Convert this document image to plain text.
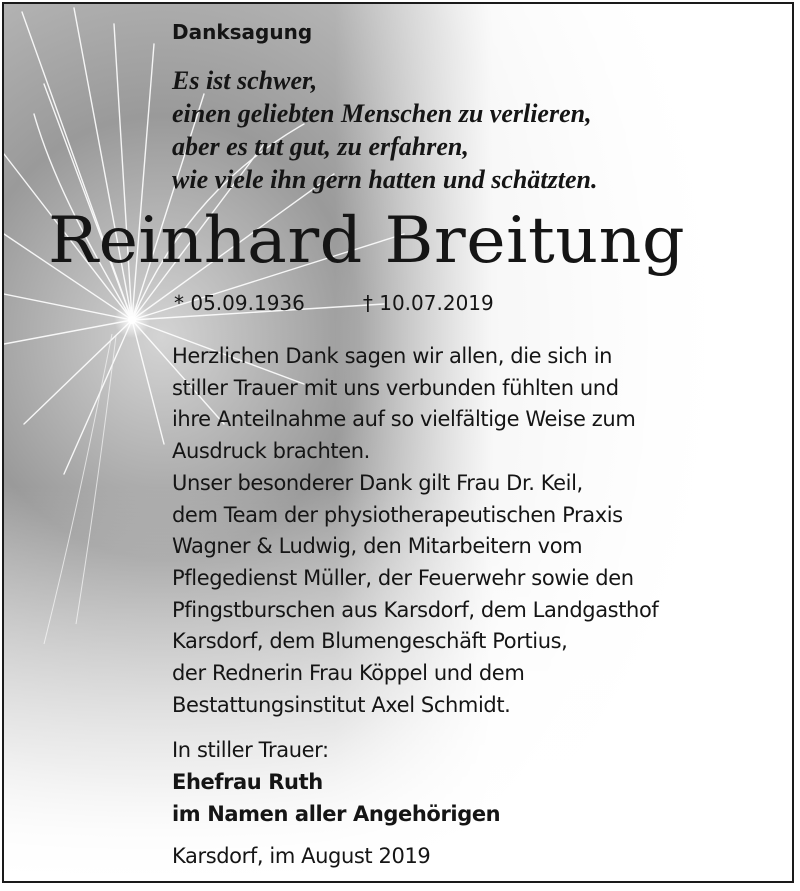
Danksagung
Es ist schwer,
einen geliebten Menschen zu verlieren,
aber es tut gut, zu erfahren,
wie viele ihn gern hatten und schätzten.
Reinhard Breitung
* 05.09.1936	† 10.07.2019
Herzlichen Dank sagen wir allen, die sich in
stiller Trauer mit uns verbunden fühlten und
ihre Anteilnahme auf so vielfältige Weise zum
Ausdruck brachten.
Unser besonderer Dank gilt Frau Dr. Keil,
dem Team der physiotherapeutischen Praxis
Wagner & Ludwig, den Mitarbeitern vom
Pflegedienst Müller, der Feuerwehr sowie den
Pfingstburschen aus Karsdorf, dem Landgasthof
Karsdorf, dem Blumengeschäft Portius,
der Rednerin Frau Köppel und dem
Bestattungsinstitut Axel Schmidt.
In stiller Trauer:
Ehefrau Ruth
im Namen aller Angehörigen
Karsdorf, im August 2019
